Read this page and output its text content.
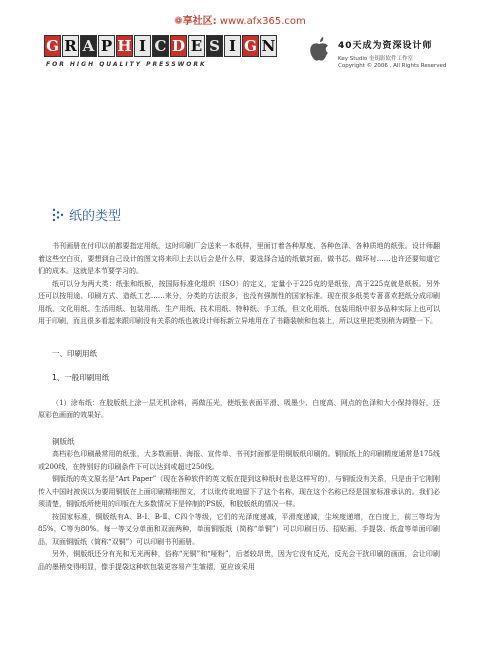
❁享社区: www.afx365.com
G R A P H I C D E S I G N
FOR HIGH QUALITY PRESSWORK
40天成为资深设计师
Key Studio 奎钥影软件工作室
Copyright © 2006 . All Rights Reserved
纸的类型

书刊画册在付印以前都要指定用纸，这时印刷厂会送来一本纸样，里面订着各种厚度、各种色泽、各种质地的纸张。设计师翻着这些空白页，要想到自己设计的图文将来印上去以后会是什么样，要选择合适的纸做封面、做书芯、做环衬……也许还要知道它们的成本。这就是本节要学习的。

纸可以分为两大类：纸张和纸板，按国际标准化组织（ISO）的定义，定量小于225克的是纸张，高于225克就是纸板。另外还可以按用途、印刷方式、造纸工艺……来分，分类的方法很多，也没有强制性的国家标准。现在很多纸类专著喜欢把纸分成印刷用纸、文化用纸、生活用纸、包装用纸、生产用纸、技术用纸、特种纸、手工纸，但文化用纸、包装用纸中很多品种实际上也可以用于印刷，而且很多看起来跟印刷没有关系的纸也被设计师标新立异地用在了书籍装帧和包装上，所以这里把类别稍为调整一下。

一、印刷用纸

1、一般印刷用纸

（1）涂布纸：在胶版纸上涂一层无机涂料，再做压光，使纸张表面平滑、吸墨少、白度高、网点的色泽和大小保持得好，还原彩色画面的效果好。

铜版纸

高档彩色印刷最常用的纸张，大多数画册、海报、宣传单、书刊封面都是用铜版纸印刷的。铜版纸上的印刷精度通常是175线或200线，在特别好的印刷条件下可以达到或超过250线。

铜版纸的英文原名是“Art Paper”（现在各种软件的英文版在提到这种纸时也是这样写的），与铜版没有关系，只是由于它刚刚传入中国时被误以为要用铜版在上面印刷精细图文，才以讹传讹地留下了这个名称，现在这个名称已经是国家标准承认的。我们必须清楚，铜版纸所使用的印版在大多数情况下是锌制的PS版，和胶版纸的情况一样。

按国家标准，铜版纸有A、B-Ⅰ、B-Ⅱ、C四个等级，它们的光泽度递减，平滑度递减，尘埃度递增，在白度上，前三等均为85%，C等为80%。每一等又分单面和双面两种，单面铜版纸（简称“单铜”）可以印刷日历、招贴画、手提袋、纸盒等单面印刷品，双面铜版纸（简称“双铜”）可以印刷书刊画册。

另外，铜版纸还分有光和无光两种，俗称“光铜”和“哑粉”，后者较昂贵，因为它没有反光，反光会干扰印刷的画面，会让印刷品的墨稍变得明显，像手提袋这种软包装更容易产生皱褶，更应该采用
